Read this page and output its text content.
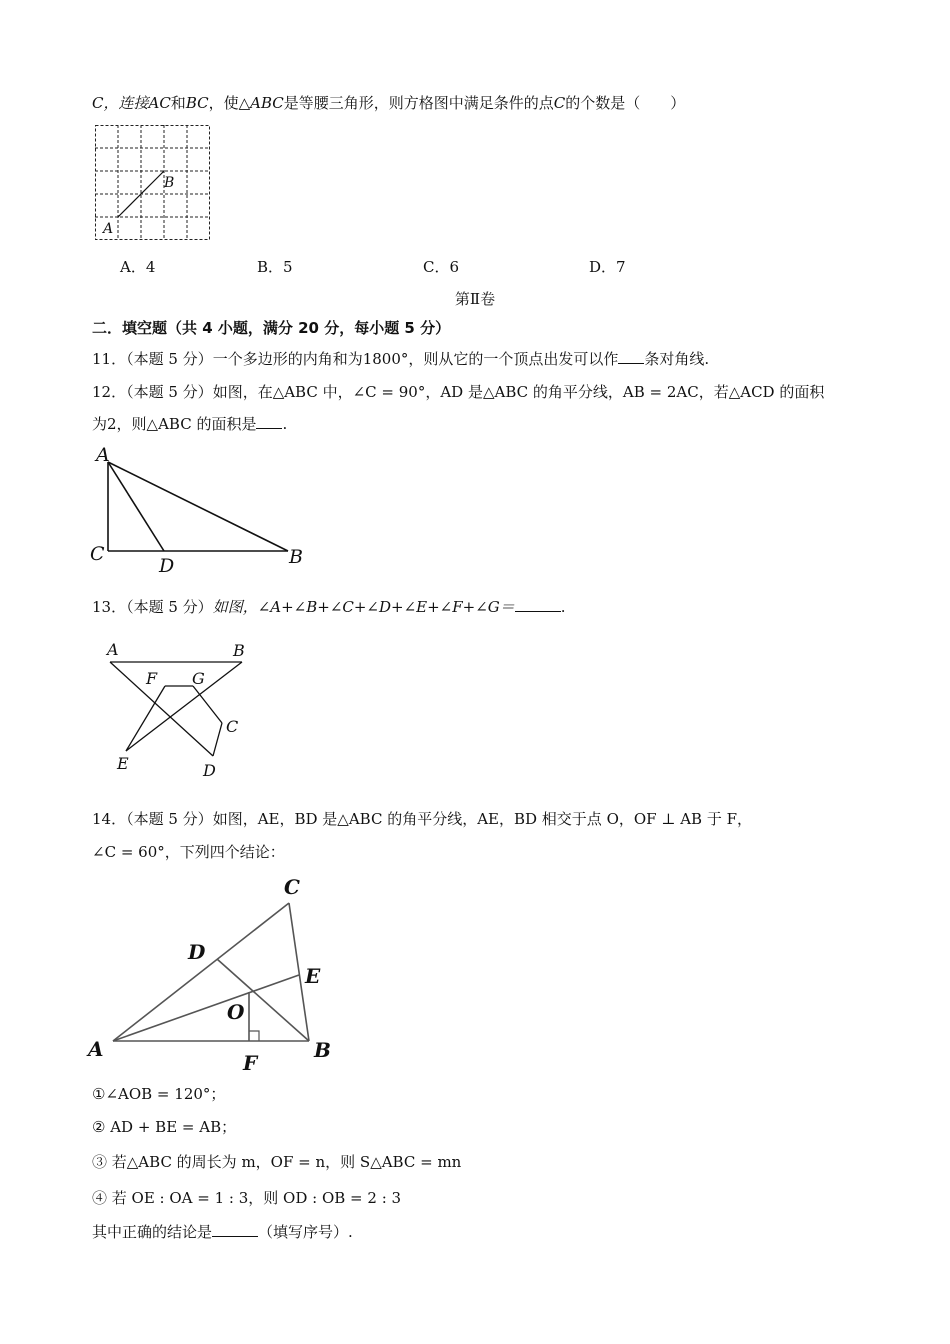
C，连接AC和BC，使△ABC是等腰三角形，则方格图中满足条件的点C的个数是（　　）
A
B
A．4	B．5	C．6	D．7
第Ⅱ卷
二．填空题（共 4 小题，满分 20 分，每小题 5 分）
11．（本题 5 分）一个多边形的内角和为1800°，则从它的一个顶点出发可以作 条对角线.
12．（本题 5 分）如图，在△ABC 中，∠C = 90°，AD 是△ABC 的角平分线，AB = 2AC，若△ACD 的面积
为2，则△ABC 的面积是 .
A
C
D	B
13．（本题 5 分）如图，∠A+∠B+∠C+∠D+∠E+∠F+∠G＝	.
A	B
F G
C
E	D
14．（本题 5 分）如图，AE，BD 是△ABC 的角平分线，AE，BD 相交于点 O，OF ⊥ AB 于 F，
∠C = 60°，下列四个结论：
C
D
E
O
A
F
B
①∠AOB = 120°；
② AD + BE = AB；
③ 若△ABC 的周长为 m，OF = n，则 S△ABC = mn
④ 若 OE : OA = 1 : 3，则 OD : OB = 2 : 3
其中正确的结论是	（填写序号）.
